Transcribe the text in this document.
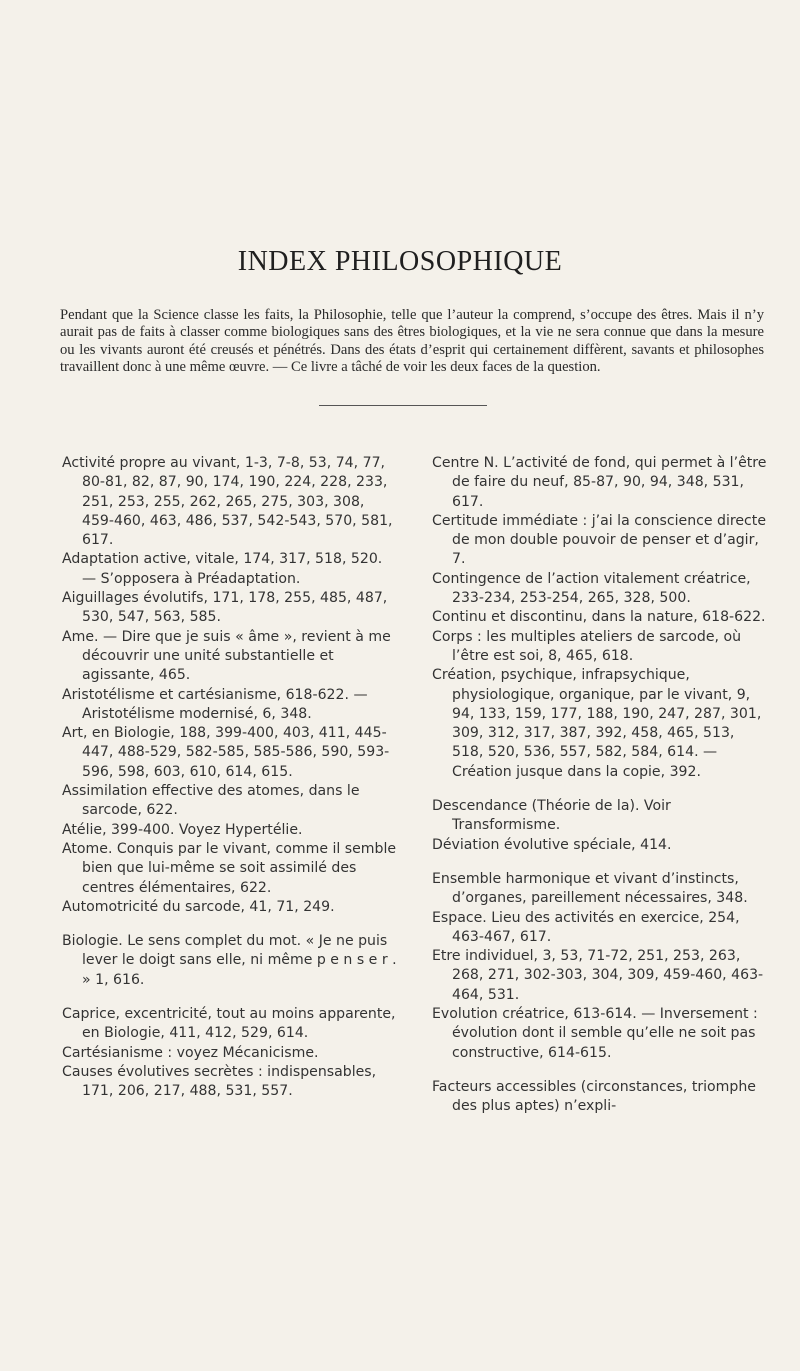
INDEX PHILOSOPHIQUE

Pendant que la Science classe les faits, la Philosophie, telle que l’auteur la comprend, s’occupe des êtres. Mais il n’y aurait pas de faits à classer comme biologiques sans des êtres biologiques, et la vie ne sera connue que dans la mesure ou les vivants auront été creusés et pénétrés. Dans des états d’esprit qui certainement diffèrent, savants et philosophes travaillent donc à une même œuvre. — Ce livre a tâché de voir les deux faces de la question.

Activité propre au vivant, 1-3, 7-8, 53, 74, 77, 80-81, 82, 87, 90, 174, 190, 224, 228, 233, 251, 253, 255, 262, 265, 275, 303, 308, 459-460, 463, 486, 537, 542-543, 570, 581, 617.
Adaptation active, vitale, 174, 317, 518, 520. — S’opposera à Préadaptation.
Aiguillages évolutifs, 171, 178, 255, 485, 487, 530, 547, 563, 585.
Ame. — Dire que je suis « âme », revient à me découvrir une unité substantielle et agissante, 465.
Aristotélisme et cartésianisme, 618-622. — Aristotélisme modernisé, 6, 348.
Art, en Biologie, 188, 399-400, 403, 411, 445-447, 488-529, 582-585, 585-586, 590, 593-596, 598, 603, 610, 614, 615.
Assimilation effective des atomes, dans le sarcode, 622.
Atélie, 399-400. Voyez Hypertélie.
Atome. Conquis par le vivant, comme il semble bien que lui-même se soit assimilé des centres élémentaires, 622.
Automotricité du sarcode, 41, 71, 249.
Biologie. Le sens complet du mot. « Je ne puis lever le doigt sans elle, ni même p e n s e r . » 1, 616.
Caprice, excentricité, tout au moins apparente, en Biologie, 411, 412, 529, 614.
Cartésianisme : voyez Mécanicisme.
Causes évolutives secrètes : indispensables, 171, 206, 217, 488, 531, 557.
Centre N. L’activité de fond, qui permet à l’être de faire du neuf, 85-87, 90, 94, 348, 531, 617.
Certitude immédiate : j’ai la conscience directe de mon double pouvoir de penser et d’agir, 7.
Contingence de l’action vitalement créatrice, 233-234, 253-254, 265, 328, 500.
Continu et discontinu, dans la nature, 618-622.
Corps : les multiples ateliers de sarcode, où l’être est soi, 8, 465, 618.
Création, psychique, infrapsychique, physiologique, organique, par le vivant, 9, 94, 133, 159, 177, 188, 190, 247, 287, 301, 309, 312, 317, 387, 392, 458, 465, 513, 518, 520, 536, 557, 582, 584, 614. — Création jusque dans la copie, 392.
Descendance (Théorie de la). Voir Transformisme.
Déviation évolutive spéciale, 414.
Ensemble harmonique et vivant d’instincts, d’organes, pareillement nécessaires, 348.
Espace. Lieu des activités en exercice, 254, 463-467, 617.
Etre individuel, 3, 53, 71-72, 251, 253, 263, 268, 271, 302-303, 304, 309, 459-460, 463-464, 531.
Evolution créatrice, 613-614. — Inversement : évolution dont il semble qu’elle ne soit pas constructive, 614-615.
Facteurs accessibles (circonstances, triomphe des plus aptes) n’expli-
